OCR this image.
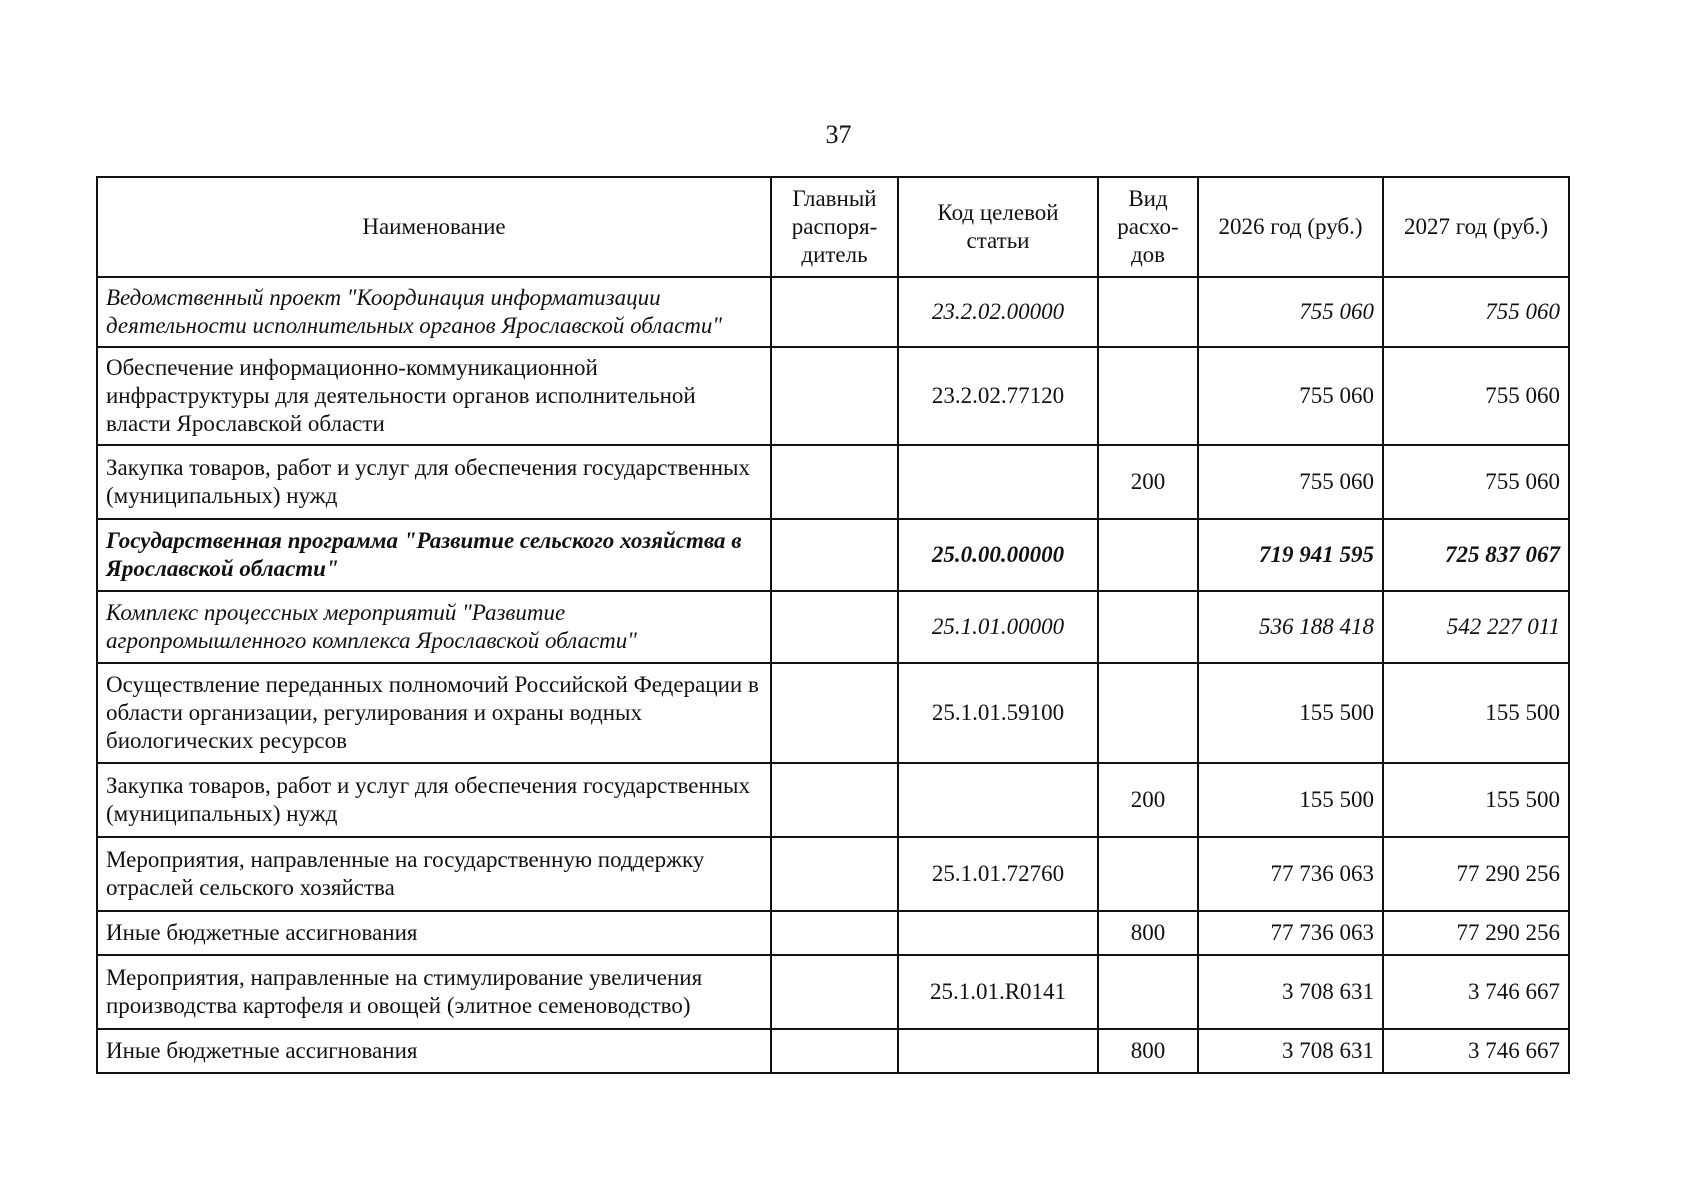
37
Наименование	Главный распоря-дитель	Код целевой статьи	Вид расхо-дов	2026 год (руб.)	2027 год (руб.)
Ведомственный проект "Координация информатизации деятельности исполнительных органов Ярославской области"		23.2.02.00000		755 060	755 060
Обеспечение информационно-коммуникационной инфраструктуры для деятельности органов исполнительной власти Ярославской области		23.2.02.77120		755 060	755 060
Закупка товаров, работ и услуг для обеспечения государственных (муниципальных) нужд			200	755 060	755 060
Государственная программа "Развитие сельского хозяйства в Ярославской области"		25.0.00.00000		719 941 595	725 837 067
Комплекс процессных мероприятий "Развитие агропромышленного комплекса Ярославской области"		25.1.01.00000		536 188 418	542 227 011
Осуществление переданных полномочий Российской Федерации в области организации, регулирования и охраны водных биологических ресурсов		25.1.01.59100		155 500	155 500
Закупка товаров, работ и услуг для обеспечения государственных (муниципальных) нужд			200	155 500	155 500
Мероприятия, направленные на государственную поддержку отраслей сельского хозяйства		25.1.01.72760		77 736 063	77 290 256
Иные бюджетные ассигнования			800	77 736 063	77 290 256
Мероприятия, направленные на стимулирование увеличения производства картофеля и овощей (элитное семеноводство)		25.1.01.R0141		3 708 631	3 746 667
Иные бюджетные ассигнования			800	3 708 631	3 746 667
